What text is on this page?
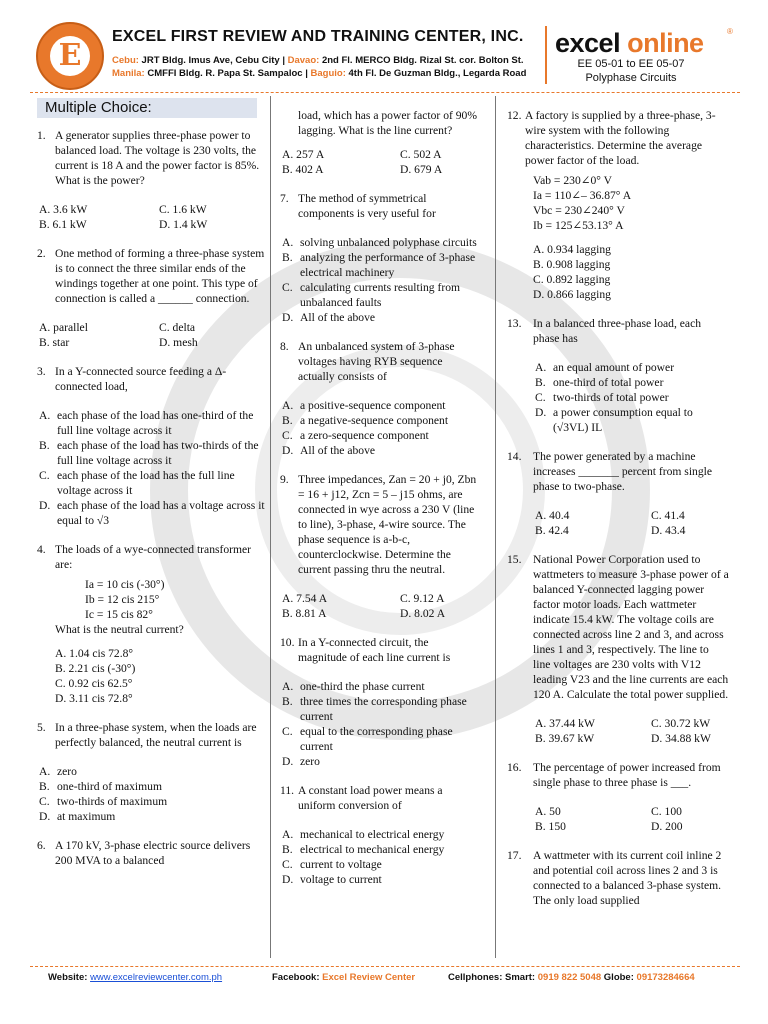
E
EXCEL FIRST REVIEW AND TRAINING CENTER, INC.
Cebu: JRT Bldg. Imus Ave, Cebu City | Davao: 2nd Fl. MERCO Bldg. Rizal St. cor. Bolton St.
Manila: CMFFI Bldg. R. Papa St. Sampaloc | Baguio: 4th Fl. De Guzman Bldg., Legarda Road
excel online	®
EE 05-01 to EE 05-07
Polyphase Circuits
Multiple Choice:
1. A generator supplies three-phase power to balanced load. The voltage is 230 volts, the current is 18 A and the power factor is 85%. What is the power?
A. 3.6 kW	C. 1.6 kW
B. 6.1 kW	D. 1.4 kW
2. One method of forming a three-phase system is to connect the three similar ends of the windings together at one point. This type of connection is called a ______ connection.
A. parallel	C. delta
B. star	D. mesh
3. In a Y-connected source feeding a Δ-connected load,
A. each phase of the load has one-third of the full line voltage across it
B. each phase of the load has two-thirds of the full line voltage across it
C. each phase of the load has the full line voltage across it
D. each phase of the load has a voltage across it equal to √3
4. The loads of a wye-connected transformer are:
Ia = 10 cis (-30°)
Ib = 12 cis 215°
Ic = 15 cis 82°
What is the neutral current?
A. 1.04 cis 72.8°
B. 2.21 cis (-30°)
C. 0.92 cis 62.5°
D. 3.11 cis 72.8°
5. In a three-phase system, when the loads are perfectly balanced, the neutral current is
A. zero
B. one-third of maximum
C. two-thirds of maximum
D. at maximum
6. A 170 kV, 3-phase electric source delivers 200 MVA to a balanced
load, which has a power factor of 90% lagging. What is the line current?
A. 257 A	C. 502 A
B. 402 A	D. 679 A
7. The method of symmetrical components is very useful for
A. solving unbalanced polyphase circuits
B. analyzing the performance of 3-phase electrical machinery
C. calculating currents resulting from unbalanced faults
D. All of the above
8. An unbalanced system of 3-phase voltages having RYB sequence actually consists of
A. a positive-sequence component
B. a negative-sequence component
C. a zero-sequence component
D. All of the above
9. Three impedances, Zan = 20 + j0, Zbn = 16 + j12, Zcn = 5 – j15 ohms, are connected in wye across a 230 V (line to line), 3-phase, 4-wire source. The phase sequence is a-b-c, counterclockwise. Determine the current passing thru the neutral.
A. 7.54 A	C. 9.12 A
B. 8.81 A	D. 8.02 A
10. In a Y-connected circuit, the magnitude of each line current is
A. one-third the phase current
B. three times the corresponding phase current
C. equal to the corresponding phase current
D. zero
11. A constant load power means a uniform conversion of
A. mechanical to electrical energy
B. electrical to mechanical energy
C. current to voltage
D. voltage to current
12. A factory is supplied by a three-phase, 3-wire system with the following characteristics. Determine the average power factor of the load.
Vab = 230∠0° V
Ia = 110∠– 36.87° A
Vbc = 230∠240° V
Ib = 125∠53.13° A
A. 0.934 lagging
B. 0.908 lagging
C. 0.892 lagging
D. 0.866 lagging
13. In a balanced three-phase load, each phase has
A. an equal amount of power
B. one-third of total power
C. two-thirds of total power
D. a power consumption equal to (√3VL) IL
14. The power generated by a machine increases _______ percent from single phase to two-phase.
A. 40.4	C. 41.4
B. 42.4	D. 43.4
15. National Power Corporation used to wattmeters to measure 3-phase power of a balanced Y-connected lagging power factor motor loads. Each wattmeter indicate 15.4 kW. The voltage coils are connected across line 2 and 3, and across lines 1 and 3, respectively. The line to line voltages are 230 volts with V12 leading V23 and the line currents are each 120 A. Calculate the total power supplied.
A. 37.44 kW	C. 30.72 kW
B. 39.67 kW	D. 34.88 kW
16. The percentage of power increased from single phase to three phase is ___.
A. 50	C. 100
B. 150	D. 200
17. A wattmeter with its current coil inline 2 and potential coil across lines 2 and 3 is connected to a balanced 3-phase system. The only load supplied
Website: www.excelreviewcenter.com.ph	Facebook: Excel Review Center	Cellphones: Smart: 0919 822 5048 Globe: 09173284664
